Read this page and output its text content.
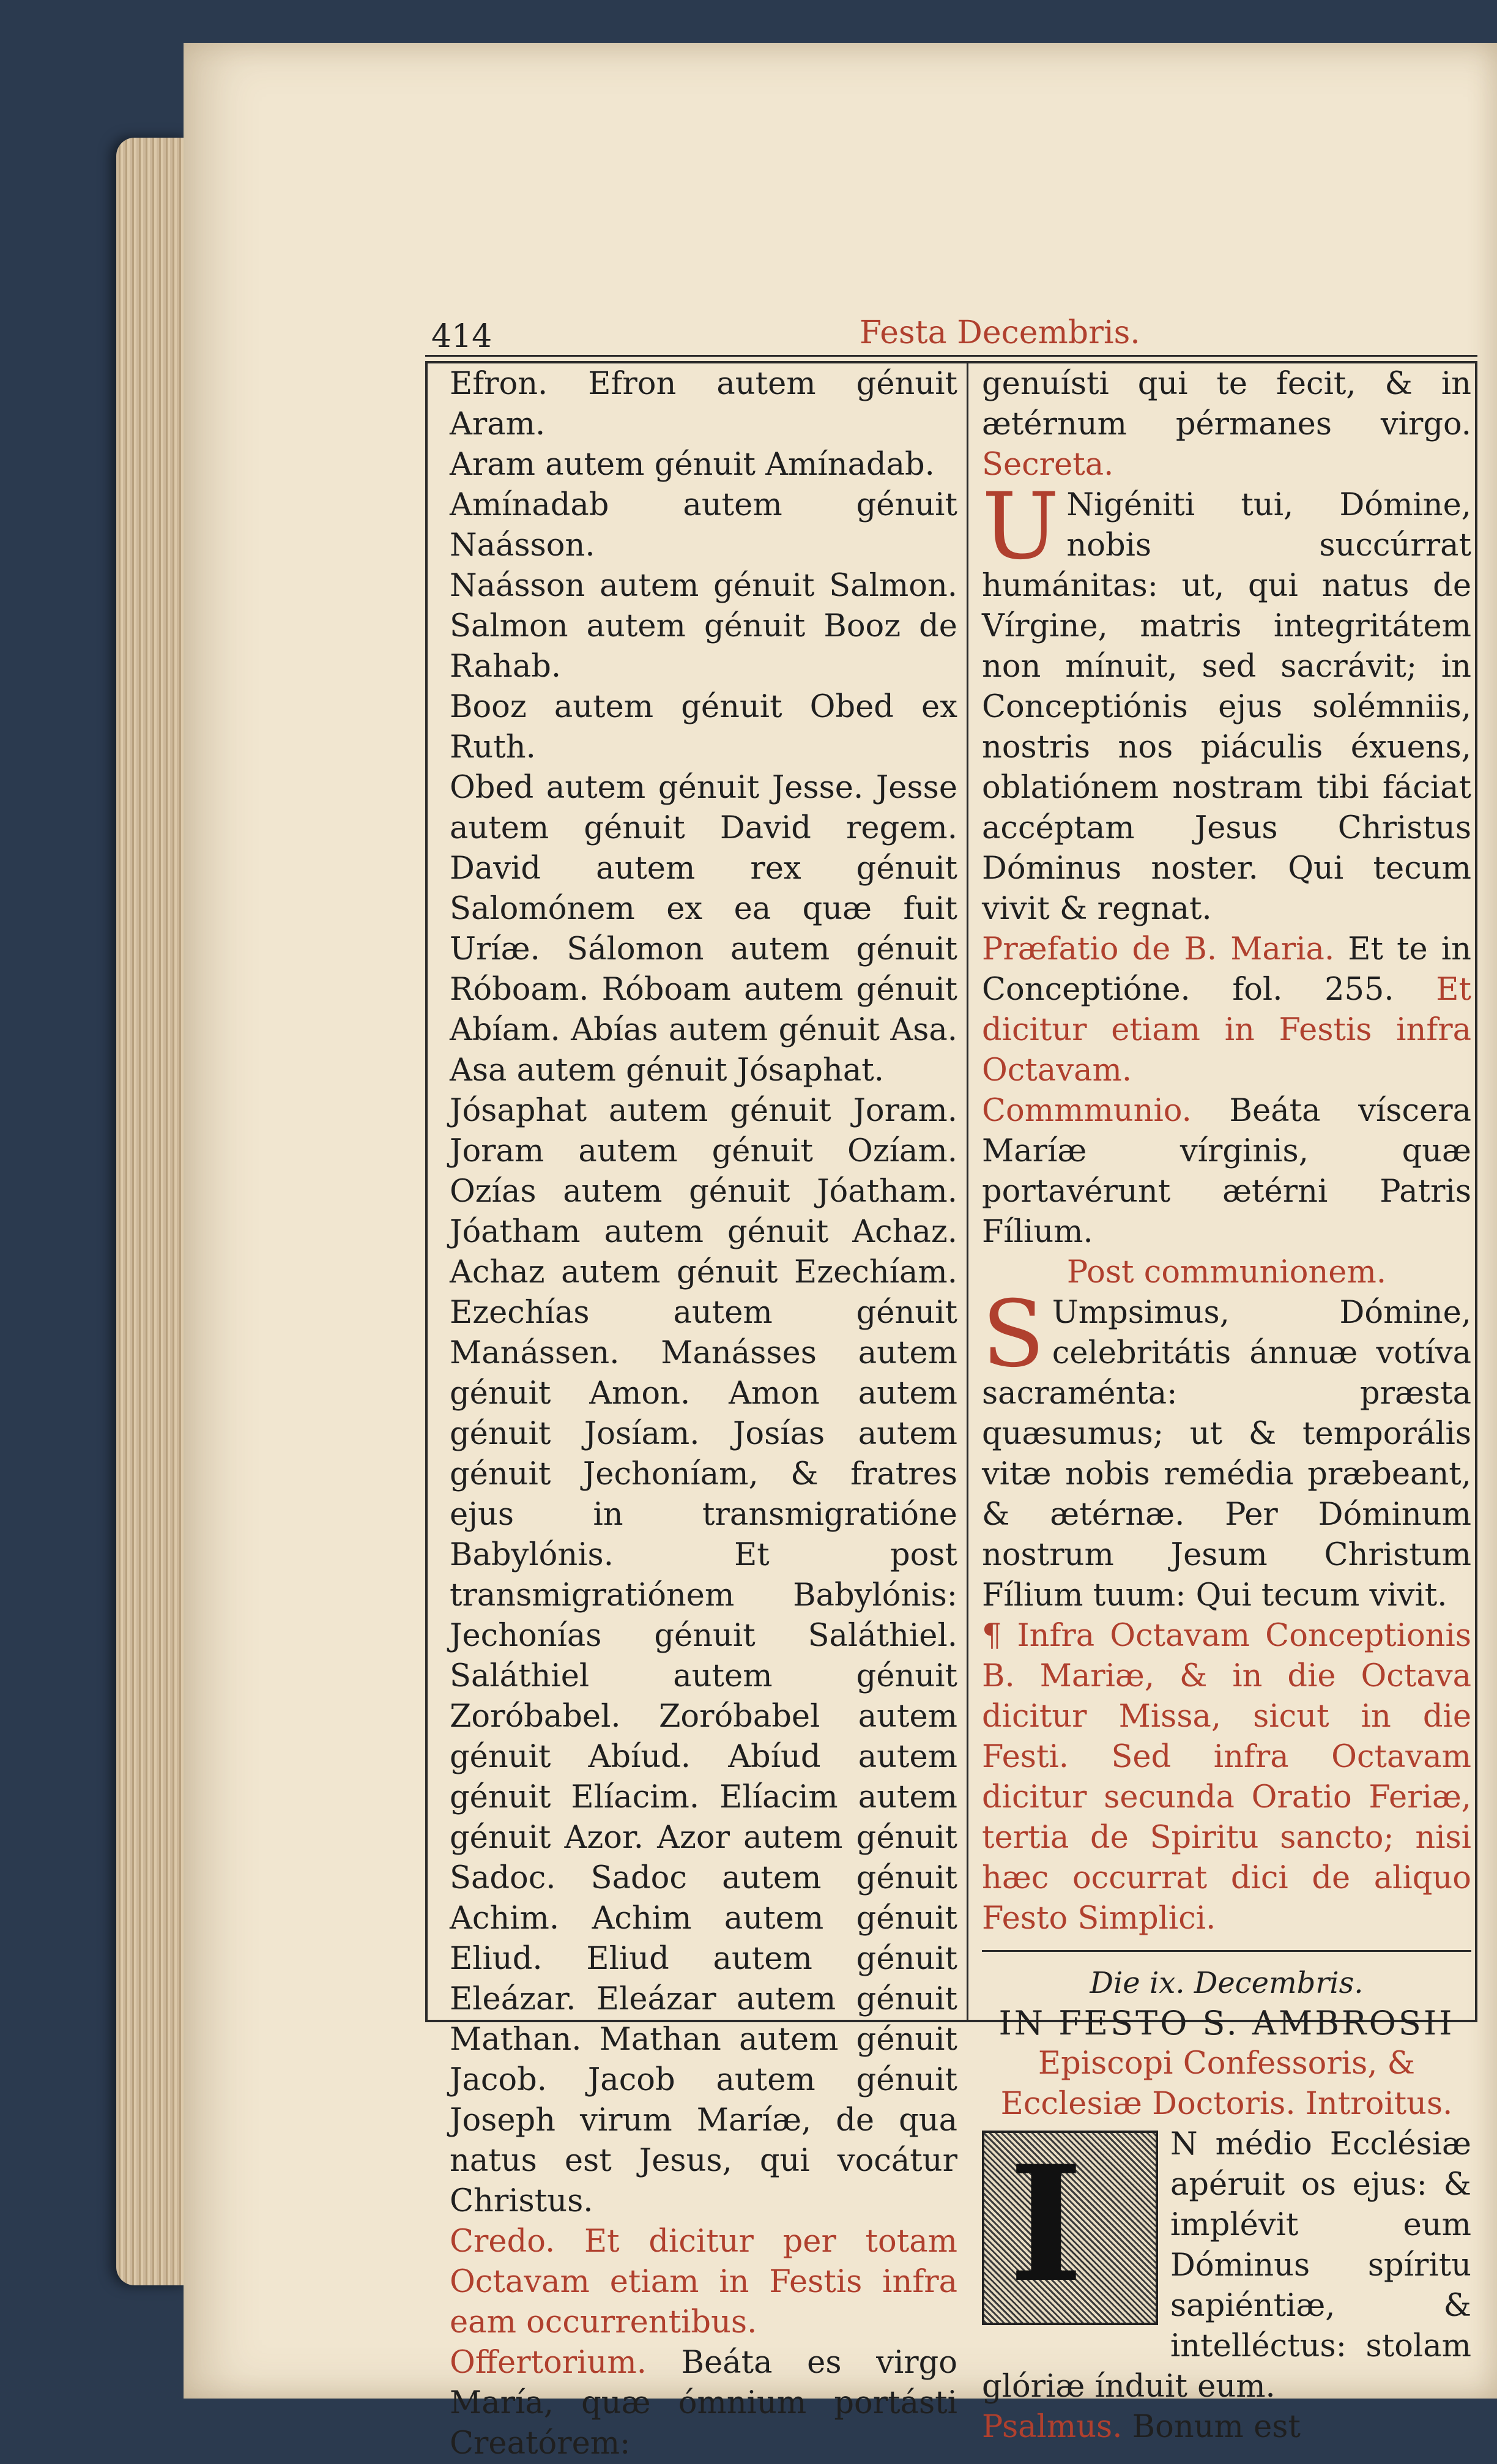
414	Festa Decembris.

Efron. Efron autem génuit Aram.

Aram autem génuit Amínadab.

Amínadab autem génuit Naásson.

Naásson autem génuit Salmon. Salmon autem génuit Booz de Rahab.

Booz autem génuit Obed ex Ruth.

Obed autem génuit Jesse. Jesse autem génuit David regem. David autem rex génuit Salomónem ex ea quæ fuit Uríæ. Sálomon autem génuit Róboam. Róboam autem génuit Abíam. Abías autem génuit Asa. Asa autem génuit Jósaphat.

Jósaphat autem génuit Joram. Joram autem génuit Ozíam. Ozías autem génuit Jóatham. Jóatham autem génuit Achaz. Achaz autem génuit Ezechíam. Ezechías autem génuit Manássen. Manásses autem génuit Amon. Amon autem génuit Josíam. Josías autem génuit Jechoníam, & fratres ejus in transmigratióne Babylónis. Et post transmigratiónem Babylónis: Jechonías génuit Saláthiel. Saláthiel autem génuit Zoróbabel. Zoróbabel autem génuit Abíud. Abíud autem génuit Elíacim. Elíacim autem génuit Azor. Azor autem génuit Sadoc. Sadoc autem génuit Achim. Achim autem génuit Eliud. Eliud autem génuit Eleázar. Eleázar autem génuit Mathan. Mathan autem génuit Jacob. Jacob autem génuit Joseph virum Maríæ, de qua natus est Jesus, qui vocátur Christus.

Credo. Et dicitur per totam Octavam etiam in Festis infra eam occurrentibus.

Offertorium. Beáta es virgo María, quæ ómnium portásti Creatórem:

genuísti qui te fecit, & in ætérnum pérmanes virgo. Secreta.

U Nigéniti tui, Dómine, nobis succúrrat humánitas: ut, qui natus de Vírgine, matris integritátem non mínuit, sed sacrávit; in Conceptiónis ejus solémniis, nostris nos piáculis éxuens, oblatiónem nostram tibi fáciat accéptam Jesus Christus Dóminus noster. Qui tecum vivit & regnat.

Præfatio de B. Maria. Et te in Conceptióne. fol. 255. Et dicitur etiam in Festis infra Octavam.

Commmunio. Beáta víscera Maríæ vírginis, quæ portavérunt ætérni Patris Fílium.

Post communionem.

S Umpsimus, Dómine, celebritátis ánnuæ votíva sacraménta: præsta quæsumus; ut & temporális vitæ nobis remédia præbeant, & ætérnæ. Per Dóminum nostrum Jesum Christum Fílium tuum: Qui tecum vivit.

¶ Infra Octavam Conceptionis B. Mariæ, & in die Octava dicitur Missa, sicut in die Festi. Sed infra Octavam dicitur secunda Oratio Feriæ, tertia de Spiritu sancto; nisi hæc occurrat dici de aliquo Festo Simplici.

Die ix. Decembris.

IN FESTO S. AMBROSII

Episcopi Confessoris, & Ecclesiæ Doctoris. Introitus.

I	N médio Ecclésiæ apéruit os ejus: & implévit eum Dóminus spíritu sapiéntiæ, & intelléctus: stolam glóriæ índuit eum.

Psalmus. Bonum est
